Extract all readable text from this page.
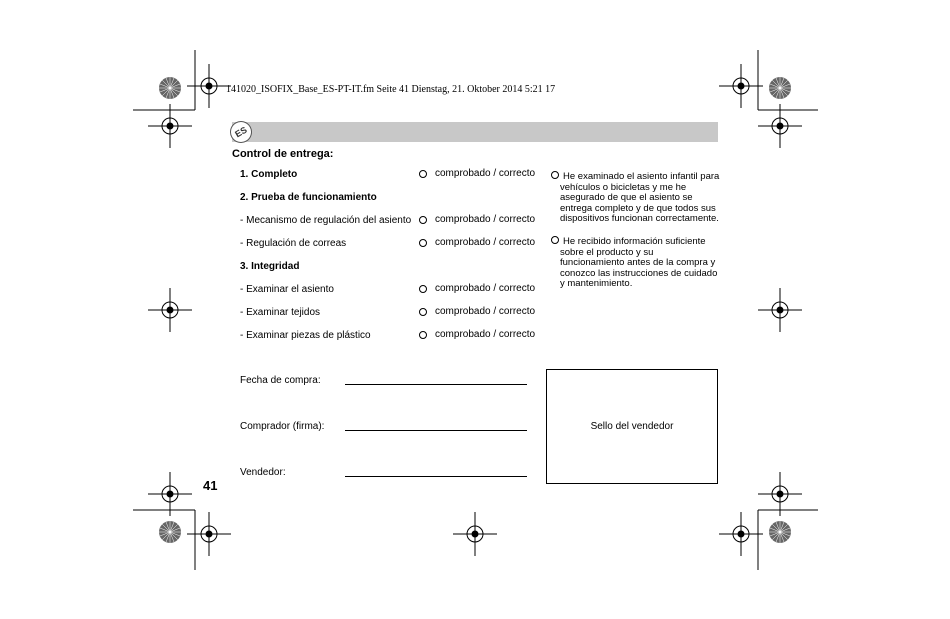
141020_ISOFIX_Base_ES-PT-IT.fm Seite 41 Dienstag, 21. Oktober 2014 5:21 17
ES
Control de entrega:
1. Completo	comprobado / correcto
2. Prueba de funcionamiento
- Mecanismo de regulación del asiento comprobado / correcto
- Regulación de correas	comprobado / correcto
3. Integridad
- Examinar el asiento	comprobado / correcto
- Examinar tejidos	comprobado / correcto
- Examinar piezas de plástico	comprobado / correcto
He examinado el asiento infantil para
vehículos o bicicletas y me he
asegurado de que el asiento se
entrega completo y de que todos sus
dispositivos funcionan correctamente.
He recibido información suficiente
sobre el producto y su
funcionamiento antes de la compra y
conozco las instrucciones de cuidado
y mantenimiento.
Fecha de compra:
Comprador (firma):
Vendedor:
Sello del vendedor
41
